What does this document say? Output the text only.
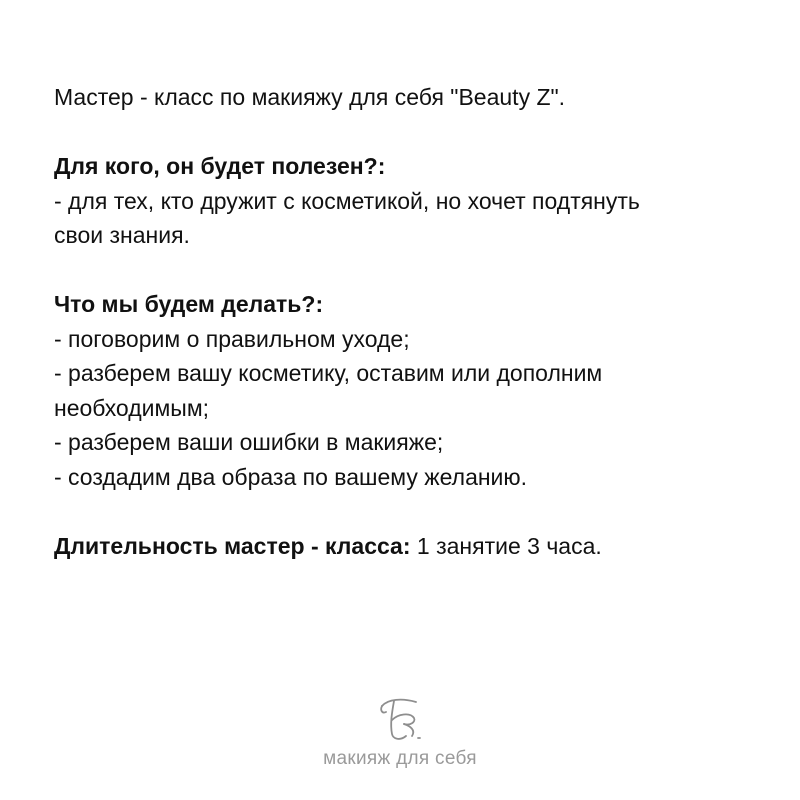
Мастер - класс по макияжу для себя "Beauty Z".
Для кого, он будет полезен?:
- для тех, кто дружит с косметикой, но хочет подтянуть
свои знания.
Что мы будем делать?:
- поговорим о правильном уходе;
- разберем вашу косметику, оставим или дополним
необходимым;
- разберем ваши ошибки в макияже;
- создадим два образа по вашему желанию.
Длительность мастер - класса: 1 занятие 3 часа.
макияж для себя
